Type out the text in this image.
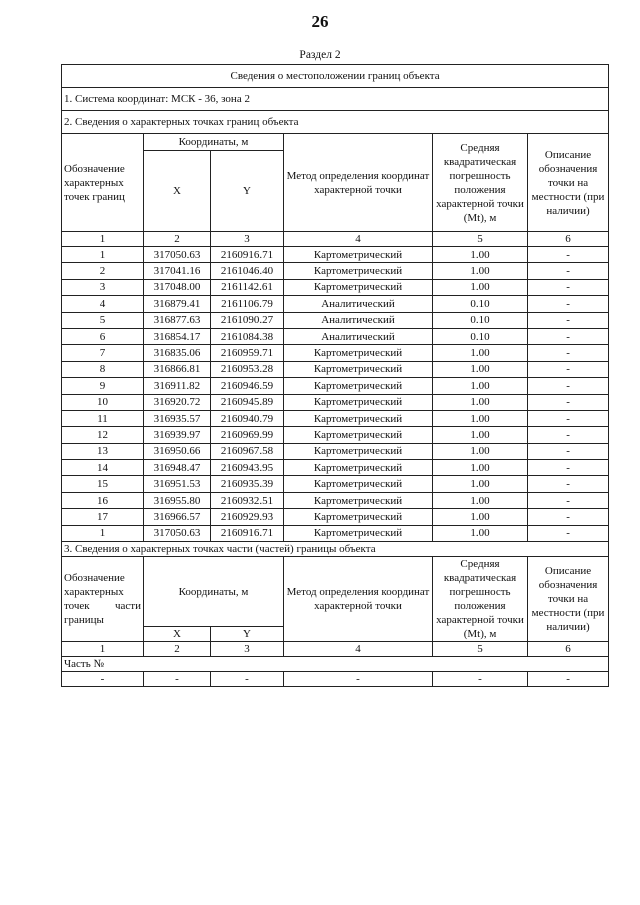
26
Раздел 2
Сведения о местоположении границ объекта					
1. Система координат: МСК - 36, зона 2					
2. Сведения о характерных точках границ объекта					
Обозначение характерных точек границ	Координаты, м		Метод определения координат характерной точки	Средняя квадратическая погрешность положения характерной точки (Mt), м	Описание обозначения точки на местности (при наличии)
	X	Y			
1	2	3	4	5	6
1	317050.63	2160916.71	Картометрический	1.00	-
2	317041.16	2161046.40	Картометрический	1.00	-
3	317048.00	2161142.61	Картометрический	1.00	-
4	316879.41	2161106.79	Аналитический	0.10	-
5	316877.63	2161090.27	Аналитический	0.10	-
6	316854.17	2161084.38	Аналитический	0.10	-
7	316835.06	2160959.71	Картометрический	1.00	-
8	316866.81	2160953.28	Картометрический	1.00	-
9	316911.82	2160946.59	Картометрический	1.00	-
10	316920.72	2160945.89	Картометрический	1.00	-
11	316935.57	2160940.79	Картометрический	1.00	-
12	316939.97	2160969.99	Картометрический	1.00	-
13	316950.66	2160967.58	Картометрический	1.00	-
14	316948.47	2160943.95	Картометрический	1.00	-
15	316951.53	2160935.39	Картометрический	1.00	-
16	316955.80	2160932.51	Картометрический	1.00	-
17	316966.57	2160929.93	Картометрический	1.00	-
1	317050.63	2160916.71	Картометрический	1.00	-
3. Сведения о характерных точках части (частей) границы объекта					
Обозначение характерных точек части границы	Координаты, м		Метод определения координат характерной точки	Средняя квадратическая погрешность положения характерной точки (Mt), м	Описание обозначения точки на местности (при наличии)
	X	Y			
1	2	3	4	5	6
Часть №					
-	-	-	-	-	-
